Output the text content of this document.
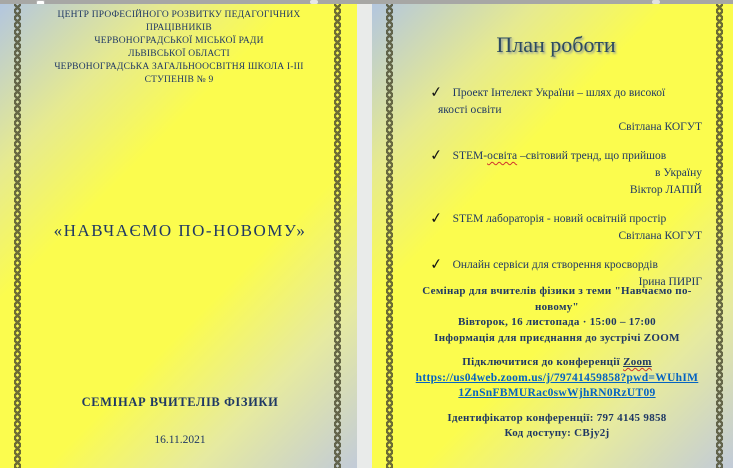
ЦЕНТР ПРОФЕСІЙНОГО РОЗВИТКУ ПЕДАГОГІЧНИХ
ПРАЦІВНИКІВ
ЧЕРВОНОГРАДСЬКОЇ МІСЬКОЇ РАДИ
ЛЬВІВСЬКОЇ ОБЛАСТІ
ЧЕРВОНОГРАДСЬКА ЗАГАЛЬНООСВІТНЯ ШКОЛА І-ІІІ
СТУПЕНІВ № 9
«НАВЧАЄМО ПО-НОВОМУ»
СЕМІНАР ВЧИТЕЛІВ ФІЗИКИ
16.11.2021
План роботи
✓ Проект Інтелект України – шлях до високої
якості освіти
Світлана КОГУТ
✓ STEM-освіта –світовий тренд, що прийшов
в Україну
Віктор ЛАПІЙ
✓ STEM лабораторія - новий освітній простір
Світлана КОГУТ
✓ Онлайн сервіси для створення кросвордів
Ірина ПИРІГ
Семінар для вчителів фізики з теми "Навчаємо по-
новому"
Вівторок, 16 листопада · 15:00 – 17:00
Інформація для приєднання до зустрічі ZOOM
Підключитися до конференції Zoom
https://us04web.zoom.us/j/79741459858?pwd=WUhIM
1ZnSnFBMURac0swWjhRN0RzUT09
Ідентифікатор конференції: 797 4145 9858
Код доступу: CBjy2j
